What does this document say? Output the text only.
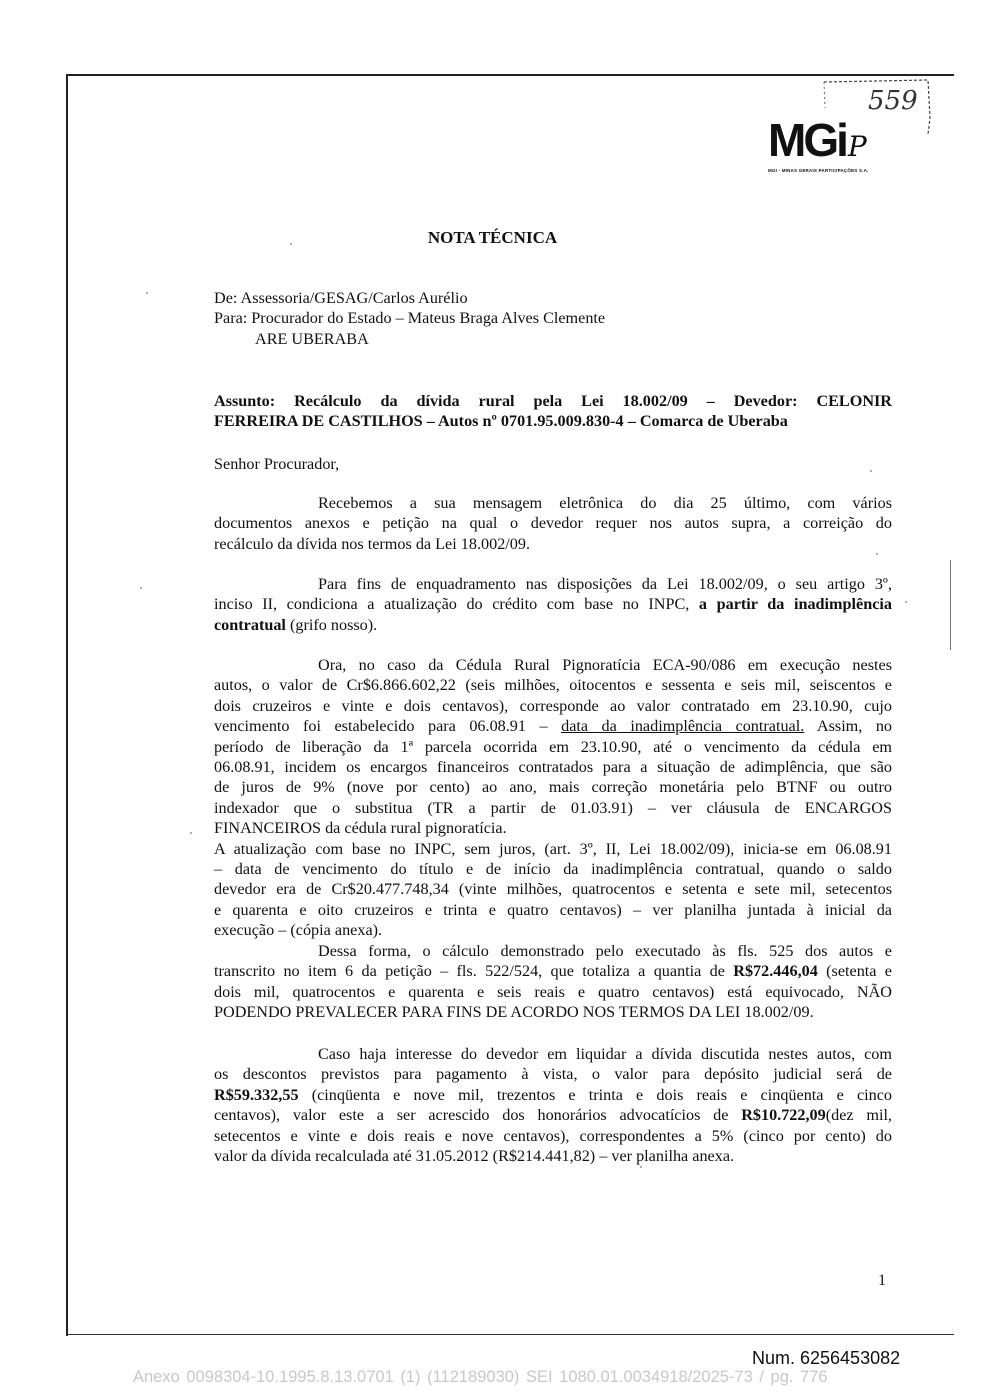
559
MGiP
MGI - MINAS GERAIS PARTICIPAÇÕES S.A.
NOTA TÉCNICA
De: Assessoria/GESAG/Carlos Aurélio
Para: Procurador do Estado – Mateus Braga Alves Clemente
ARE UBERABA
Assunto: Recálculo da dívida rural pela Lei 18.002/09 – Devedor: CELONIR
FERREIRA DE CASTILHOS – Autos nº 0701.95.009.830-4 – Comarca de Uberaba
Senhor Procurador,
Recebemos a sua mensagem eletrônica do dia 25 último, com vários
documentos anexos e petição na qual o devedor requer nos autos supra, a correição do
recálculo da dívida nos termos da Lei 18.002/09.
Para fins de enquadramento nas disposições da Lei 18.002/09, o seu artigo 3º,
inciso II, condiciona a atualização do crédito com base no INPC, a partir da inadimplência
contratual (grifo nosso).
Ora, no caso da Cédula Rural Pignoratícia ECA-90/086 em execução nestes
autos, o valor de Cr$6.866.602,22 (seis milhões, oitocentos e sessenta e seis mil, seiscentos e
dois cruzeiros e vinte e dois centavos), corresponde ao valor contratado em 23.10.90, cujo
vencimento foi estabelecido para 06.08.91 – data da inadimplência contratual. Assim, no
período de liberação da 1ª parcela ocorrida em 23.10.90, até o vencimento da cédula em
06.08.91, incidem os encargos financeiros contratados para a situação de adimplência, que são
de juros de 9% (nove por cento) ao ano, mais correção monetária pelo BTNF ou outro
indexador que o substitua (TR a partir de 01.03.91) – ver cláusula de ENCARGOS
FINANCEIROS da cédula rural pignoratícia.
A atualização com base no INPC, sem juros, (art. 3º, II, Lei 18.002/09), inicia-se em 06.08.91
– data de vencimento do título e de início da inadimplência contratual, quando o saldo
devedor era de Cr$20.477.748,34 (vinte milhões, quatrocentos e setenta e sete mil, setecentos
e quarenta e oito cruzeiros e trinta e quatro centavos) – ver planilha juntada à inicial da
execução – (cópia anexa).
Dessa forma, o cálculo demonstrado pelo executado às fls. 525 dos autos e
transcrito no item 6 da petição – fls. 522/524, que totaliza a quantia de R$72.446,04 (setenta e
dois mil, quatrocentos e quarenta e seis reais e quatro centavos) está equivocado, NÃO
PODENDO PREVALECER PARA FINS DE ACORDO NOS TERMOS DA LEI 18.002/09.
Caso haja interesse do devedor em liquidar a dívida discutida nestes autos, com
os descontos previstos para pagamento à vista, o valor para depósito judicial será de
R$59.332,55 (cinqüenta e nove mil, trezentos e trinta e dois reais e cinqüenta e cinco
centavos), valor este a ser acrescido dos honorários advocatícios de R$10.722,09(dez mil,
setecentos e vinte e dois reais e nove centavos), correspondentes a 5% (cinco por cento) do
valor da dívida recalculada até 31.05.2012 (R$214.441,82) – ver planilha anexa.
1
Num. 6256453082
Anexo 0098304-10.1995.8.13.0701 (1) (112189030) SEI 1080.01.0034918/2025-73 / pg. 776
